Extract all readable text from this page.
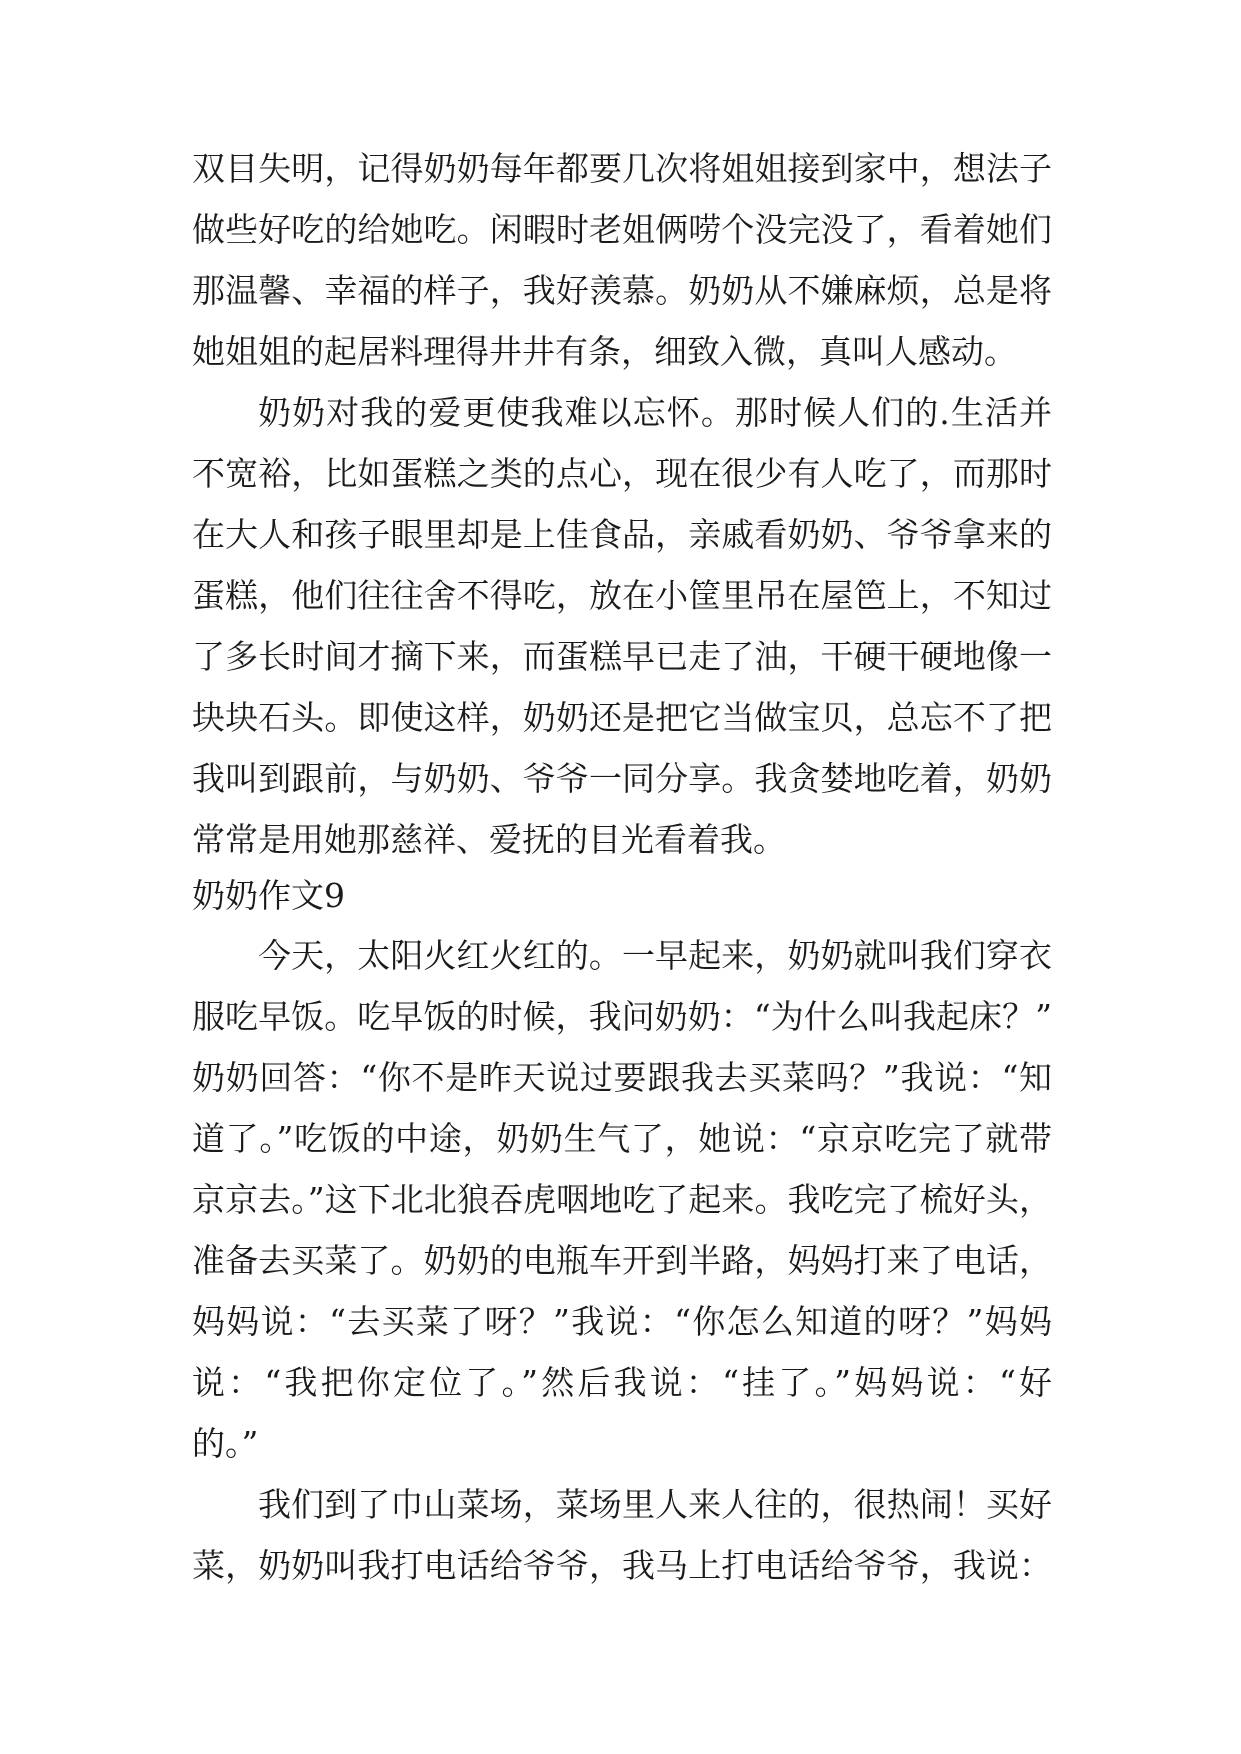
双目失明，记得奶奶每年都要几次将姐姐接到家中，想法子
做些好吃的给她吃。闲暇时老姐俩唠个没完没了，看着她们
那温馨、幸福的样子，我好羡慕。奶奶从不嫌麻烦，总是将
她姐姐的起居料理得井井有条，细致入微，真叫人感动。
奶奶对我的爱更使我难以忘怀。那时候人们的.生活并
不宽裕，比如蛋糕之类的点心，现在很少有人吃了，而那时
在大人和孩子眼里却是上佳食品，亲戚看奶奶、爷爷拿来的
蛋糕，他们往往舍不得吃，放在小筐里吊在屋笆上，不知过
了多长时间才摘下来，而蛋糕早已走了油，干硬干硬地像一
块块石头。即使这样，奶奶还是把它当做宝贝，总忘不了把
我叫到跟前，与奶奶、爷爷一同分享。我贪婪地吃着，奶奶
常常是用她那慈祥、爱抚的目光看着我。
奶奶作文9
今天，太阳火红火红的。一早起来，奶奶就叫我们穿衣
服吃早饭。吃早饭的时候，我问奶奶：“为什么叫我起床？”
奶奶回答：“你不是昨天说过要跟我去买菜吗？”我说：“知
道了。”吃饭的中途，奶奶生气了，她说：“京京吃完了就带
京京去。”这下北北狼吞虎咽地吃了起来。我吃完了梳好头，
准备去买菜了。奶奶的电瓶车开到半路，妈妈打来了电话，
妈妈说：“去买菜了呀？”我说：“你怎么知道的呀？”妈妈
说：“我把你定位了。”然后我说：“挂了。”妈妈说：“好
的。”
我们到了巾山菜场，菜场里人来人往的，很热闹！买好
菜，奶奶叫我打电话给爷爷，我马上打电话给爷爷，我说：
